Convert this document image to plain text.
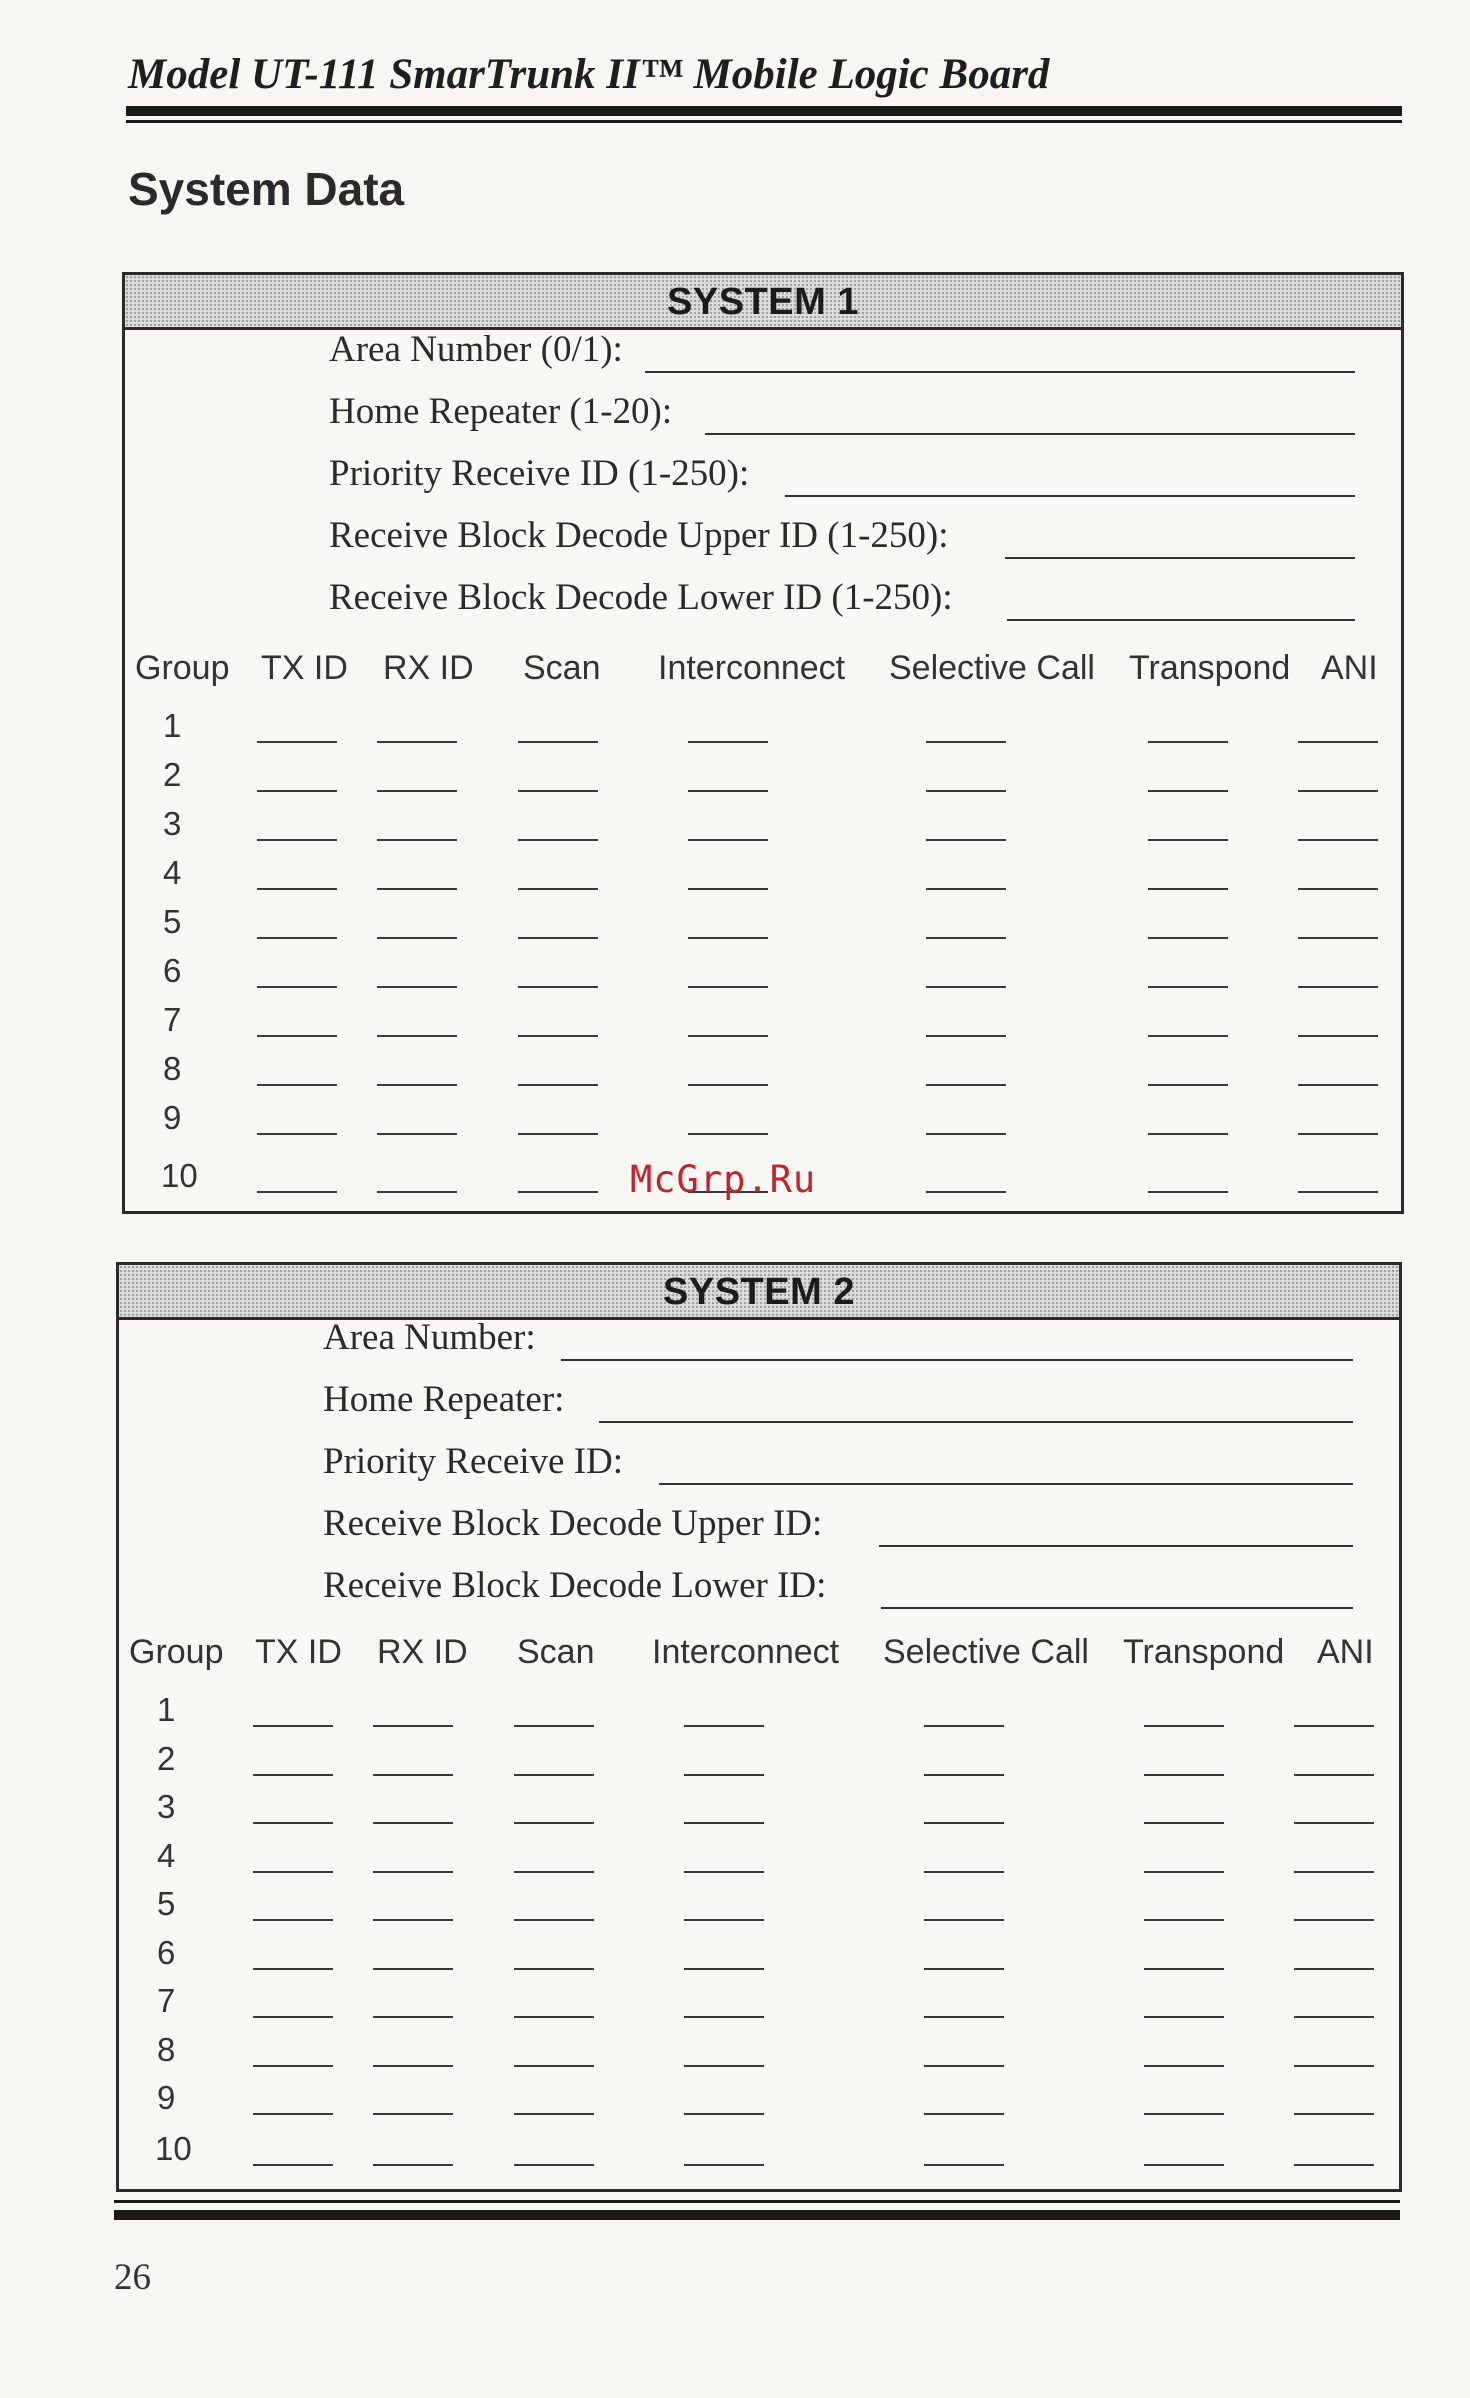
Model UT-111 SmarTrunk II™ Mobile Logic Board
System Data
SYSTEM 1
Area Number (0/1):
Home Repeater (1-20):
Priority Receive ID (1-250):
Receive Block Decode Upper ID (1-250):
Receive Block Decode Lower ID (1-250):
Group TX ID RX ID Scan Interconnect Selective Call Transpond ANI
1
2
3
4
5
6
7
8
9
10
SYSTEM 2
Area Number:
Home Repeater:
Priority Receive ID:
Receive Block Decode Upper ID:
Receive Block Decode Lower ID:
Group TX ID RX ID Scan Interconnect Selective Call Transpond ANI
1
2
3
4
5
6
7
8
9
10
McGrp.Ru
26
